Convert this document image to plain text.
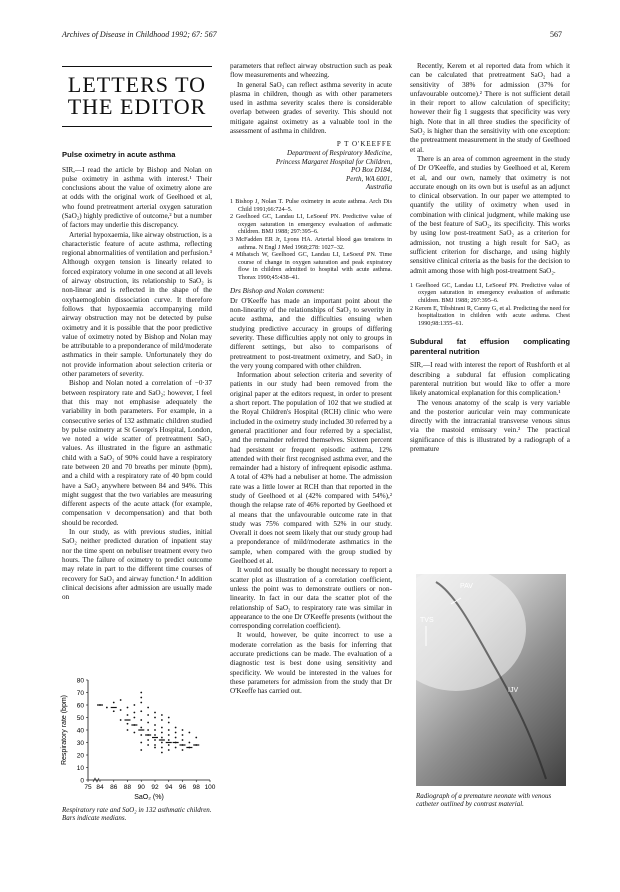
Archives of Disease in Childhood 1992; 67: 567	567
LETTERS TO
THE EDITOR
Pulse oximetry in acute asthma

SIR,—I read the article by Bishop and Nolan on pulse oximetry in asthma with interest.¹ Their conclusions about the value of oximetry alone are at odds with the original work of Geelhoed et al, who found pretreatment arterial oxygen saturation (SaO₂) highly predictive of outcome,² but a number of factors may underlie this discrepancy.

Arterial hypoxaemia, like airway obstruction, is a characteristic feature of acute asthma, reflecting regional abnormalities of ventilation and perfusion.³ Although oxygen tension is linearly related to forced expiratory volume in one second at all levels of airway obstruction, its relationship to SaO₂ is non-linear and is reflected in the shape of the oxyhaemoglobin dissociation curve. It therefore follows that hypoxaemia accompanying mild airway obstruction may not be detected by pulse oximetry and it is possible that the poor predictive value of oximetry noted by Bishop and Nolan may be attributable to a preponderance of mild/moderate asthmatics in their sample. Unfortunately they do not provide information about selection criteria or other parameters of severity.

Bishop and Nolan noted a correlation of −0·37 between respiratory rate and SaO₂; however, I feel that this may not emphasise adequately the variability in both parameters. For example, in a consecutive series of 132 asthmatic children studied by pulse oximetry at St George's Hospital, London, we noted a wide scatter of pretreatment SaO₂ values. As illustrated in the figure an asthmatic child with a SaO₂ of 90% could have a respiratory rate between 20 and 70 breaths per minute (bpm), and a child with a respiratory rate of 40 bpm could have a SaO₂ anywhere between 84 and 94%. This might suggest that the two variables are measuring different aspects of the acute attack (for example, compensation v decompensation) and that both should be recorded.

In our study, as with previous studies, initial SaO₂ neither predicted duration of inpatient stay nor the time spent on nebuliser treatment every two hours. The failure of oximetry to predict outcome may relate in part to the different time courses of recovery for SaO₂ and airway function.⁴ In addition clinical decisions after admission are usually made on

0
10
20
30
40
50
60
70
80
75 84 86 88 90 92 94 96 98 100
SaO₂ (%)
Respiratory rate (bpm)
Respiratory rate and SaO₂ in 132 asthmatic children. Bars indicate medians.

parameters that reflect airway obstruction such as peak flow measurements and wheezing.

In general SaO₂ can reflect asthma severity in acute plasma in children, though as with other parameters used in asthma severity scales there is considerable overlap between grades of severity. This should not mitigate against oximetry as a valuable tool in the assessment of asthma in children.

P T O'KEEFFE
Department of Respiratory Medicine,
Princess Margaret Hospital for Children,
PO Box D184,
Perth, WA 6001,
Australia
1 Bishop J, Nolan T. Pulse oximetry in acute asthma. Arch Dis Child 1991;66:724–5.
2 Geelhoed GC, Landau LI, LeSoeuf PN. Predictive value of oxygen saturation in emergency evaluation of asthmatic children. BMJ 1988; 297:395–6.
3 McFadden ER Jr, Lyons HA. Arterial blood gas tensions in asthma. N Engl J Med 1968;278: 1027–32.
4 Mihatsch W, Geelhoed GC, Landau LI, LeSoeuf PN. Time course of change in oxygen saturation and peak expiratory flow in children admitted to hospital with acute asthma. Thorax 1990;45:438–41.
Drs Bishop and Nolan comment:

Dr O'Keeffe has made an important point about the non-linearity of the relationships of SaO₂ to severity in acute asthma, and the difficulties ensuing when studying predictive accuracy in groups of differing severity. These difficulties apply not only to groups in different settings, but also to comparisons of pretreatment to post-treatment oximetry, and SaO₂ in the very young compared with other children.

Information about selection criteria and severity of patients in our study had been removed from the original paper at the editors request, in order to present a short report. The population of 102 that we studied at the Royal Children's Hospital (RCH) clinic who were included in the oximetry study included 30 referred by a general practitioner and four referred by a specialist, and the remainder referred themselves. Sixteen percent had persistent or frequent episodic asthma, 12% attended with their first recognised asthma ever, and the remainder had a history of infrequent episodic asthma. A total of 43% had a nebuliser at home. The admission rate was a little lower at RCH than that reported in the study of Geelhoed et al (42% compared with 54%),² though the relapse rate of 46% reported by Geelhoed et al means that the unfavourable outcome rate in that study was 75% compared with 52% in our study. Overall it does not seem likely that our study group had a preponderance of mild/moderate asthmatics in the sample, when compared with the group studied by Geelhoed et al.

It would not usually be thought necessary to report a scatter plot as illustration of a correlation coefficient, unless the point was to demonstrate outliers or non-linearity. In fact in our data the scatter plot of the relationship of SaO₂ to respiratory rate was similar in appearance to the one Dr O'Keeffe presents (without the corresponding correlation coefficient).

It would, however, be quite incorrect to use a moderate correlation as the basis for inferring that accurate predictions can be made. The evaluation of a diagnostic test is best done using sensitivity and specificity. We would be interested in the values for these parameters for admission from the study that Dr O'Keeffe has carried out.

Recently, Kerem et al reported data from which it can be calculated that pretreatment SaO₂ had a sensitivity of 38% for admission (37% for unfavourable outcome).² There is not sufficient detail in their report to allow calculation of specificity; however their fig 1 suggests that specificity was very high. Note that in all three studies the specificity of SaO₂ is higher than the sensitivity with one exception: the pretreatment measurement in the study of Geelhoed et al.

There is an area of common agreement in the study of Dr O'Keeffe, and studies by Geelhoed et al, Kerem et al, and our own, namely that oximetry is not accurate enough on its own but is useful as an adjunct to clinical observation. In our paper we attempted to quantify the utility of oximetry when used in combination with clinical judgment, while making use of the best feature of SaO₂, its specificity. This works by using low post-treatment SaO₂ as a criterion for admission, not trusting a high result for SaO₂ as sufficient criterion for discharge, and using highly sensitive clinical criteria as the basis for the decision to admit among those with high post-treatment SaO₂.

1 Geelhoed GC, Landau LI, LeSoeuf PN. Predictive value of oxygen saturation in emergency evaluation of asthmatic children. BMJ 1988; 297:395–6.
2 Kerem E, Tibshirani R, Canny G, et al. Predicting the need for hospitalization in children with acute asthma. Chest 1990;98:1355–61.
Subdural fat effusion complicating parenteral nutrition

SIR,—I read with interest the report of Rushforth et al describing a subdural fat effusion complicating parenteral nutrition but would like to offer a more likely anatomical explanation for this complication.¹

The venous anatomy of the scalp is very variable and the posterior auricular vein may communicate directly with the intracranial transverse venous sinus via the mastoid emissary vein.² The practical significance of this is illustrated by a radiograph of a premature

PAV
TVS
IJV
Radiograph of a premature neonate with venous catheter outlined by contrast material.
